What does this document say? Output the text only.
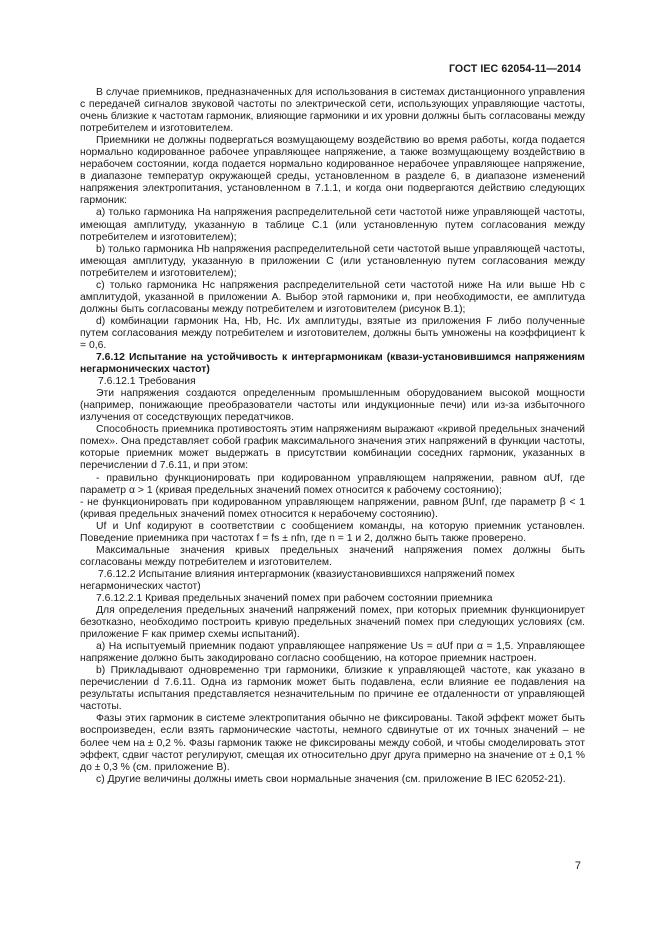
ГОСТ IEC 62054-11—2014

В случае приемников, предназначенных для использования в системах дистанционного управления с передачей сигналов звуковой частоты по электрической сети, использующих управляющие частоты, очень близкие к частотам гармоник, влияющие гармоники и их уровни должны быть согласованы между потребителем и изготовителем.

Приемники не должны подвергаться возмущающему воздействию во время работы, когда подается нормально кодированное рабочее управляющее напряжение, а также возмущающему воздействию в нерабочем состоянии, когда подается нормально кодированное нерабочее управляющее напряжение, в диапазоне температур окружающей среды, установленном в разделе 6, в диапазоне изменений напряжения электропитания, установленном в 7.1.1, и когда они подвергаются действию следующих гармоник:

a) только гармоника На напряжения распределительной сети частотой ниже управляющей частоты, имеющая амплитуду, указанную в таблице С.1 (или установленную путем согласования между потребителем и изготовителем);

b) только гармоника Hb напряжения распределительной сети частотой выше управляющей частоты, имеющая амплитуду, указанную в приложении С (или установленную путем согласования между потребителем и изготовителем);

c) только гармоника Нс напряжения распределительной сети частотой ниже На или выше Hb с амплитудой, указанной в приложении А. Выбор этой гармоники и, при необходимости, ее амплитуда должны быть согласованы между потребителем и изготовителем (рисунок В.1);

d) комбинации гармоник На, Hb, Нс. Их амплитуды, взятые из приложения F либо полученные путем согласования между потребителем и изготовителем, должны быть умножены на коэффициент k = 0,6.

7.6.12 Испытание на устойчивость к интергармоникам (квази-установившимся напряжениям негармонических частот)

7.6.12.1 Требования

Эти напряжения создаются определенным промышленным оборудованием высокой мощности (например, понижающие преобразователи частоты или индукционные печи) или из-за избыточного излучения от соседствующих передатчиков.

Способность приемника противостоять этим напряжениям выражают «кривой предельных значений помех». Она представляет собой график максимального значения этих напряжений в функции частоты, которые приемник может выдержать в присутствии комбинации соседних гармоник, указанных в перечислении d 7.6.11, и при этом:

- правильно функционировать при кодированном управляющем напряжении, равном αUf, где параметр α > 1 (кривая предельных значений помех относится к рабочему состоянию);

- не функционировать при кодированном управляющем напряжении, равном βUnf, где параметр β < 1 (кривая предельных значений помех относится к нерабочему состоянию).

Uf и Unf кодируют в соответствии с сообщением команды, на которую приемник установлен. Поведение приемника при частотах f = fs ± nfn, где n = 1 и 2, должно быть также проверено.

Максимальные значения кривых предельных значений напряжения помех должны быть согласованы между потребителем и изготовителем.

7.6.12.2 Испытание влияния интергармоник (квазиустановившихся напряжений помех негармонических частот)

7.6.12.2.1 Кривая предельных значений помех при рабочем состоянии приемника

Для определения предельных значений напряжений помех, при которых приемник функционирует безотказно, необходимо построить кривую предельных значений помех при следующих условиях (см. приложение F как пример схемы испытаний).

a) На испытуемый приемник подают управляющее напряжение Us = αUf при α = 1,5. Управляющее напряжение должно быть закодировано согласно сообщению, на которое приемник настроен.

b) Прикладывают одновременно три гармоники, близкие к управляющей частоте, как указано в перечислении d 7.6.11. Одна из гармоник может быть подавлена, если влияние ее подавления на результаты испытания представляется незначительным по причине ее отдаленности от управляющей частоты.

Фазы этих гармоник в системе электропитания обычно не фиксированы. Такой эффект может быть воспроизведен, если взять гармонические частоты, немного сдвинутые от их точных значений – не более чем на ± 0,2 %. Фазы гармоник также не фиксированы между собой, и чтобы смоделировать этот эффект, сдвиг частот регулируют, смещая их относительно друг друга примерно на значение от ± 0,1 % до ± 0,3 % (см. приложение В).

c) Другие величины должны иметь свои нормальные значения (см. приложение В IEC 62052-21).

7
